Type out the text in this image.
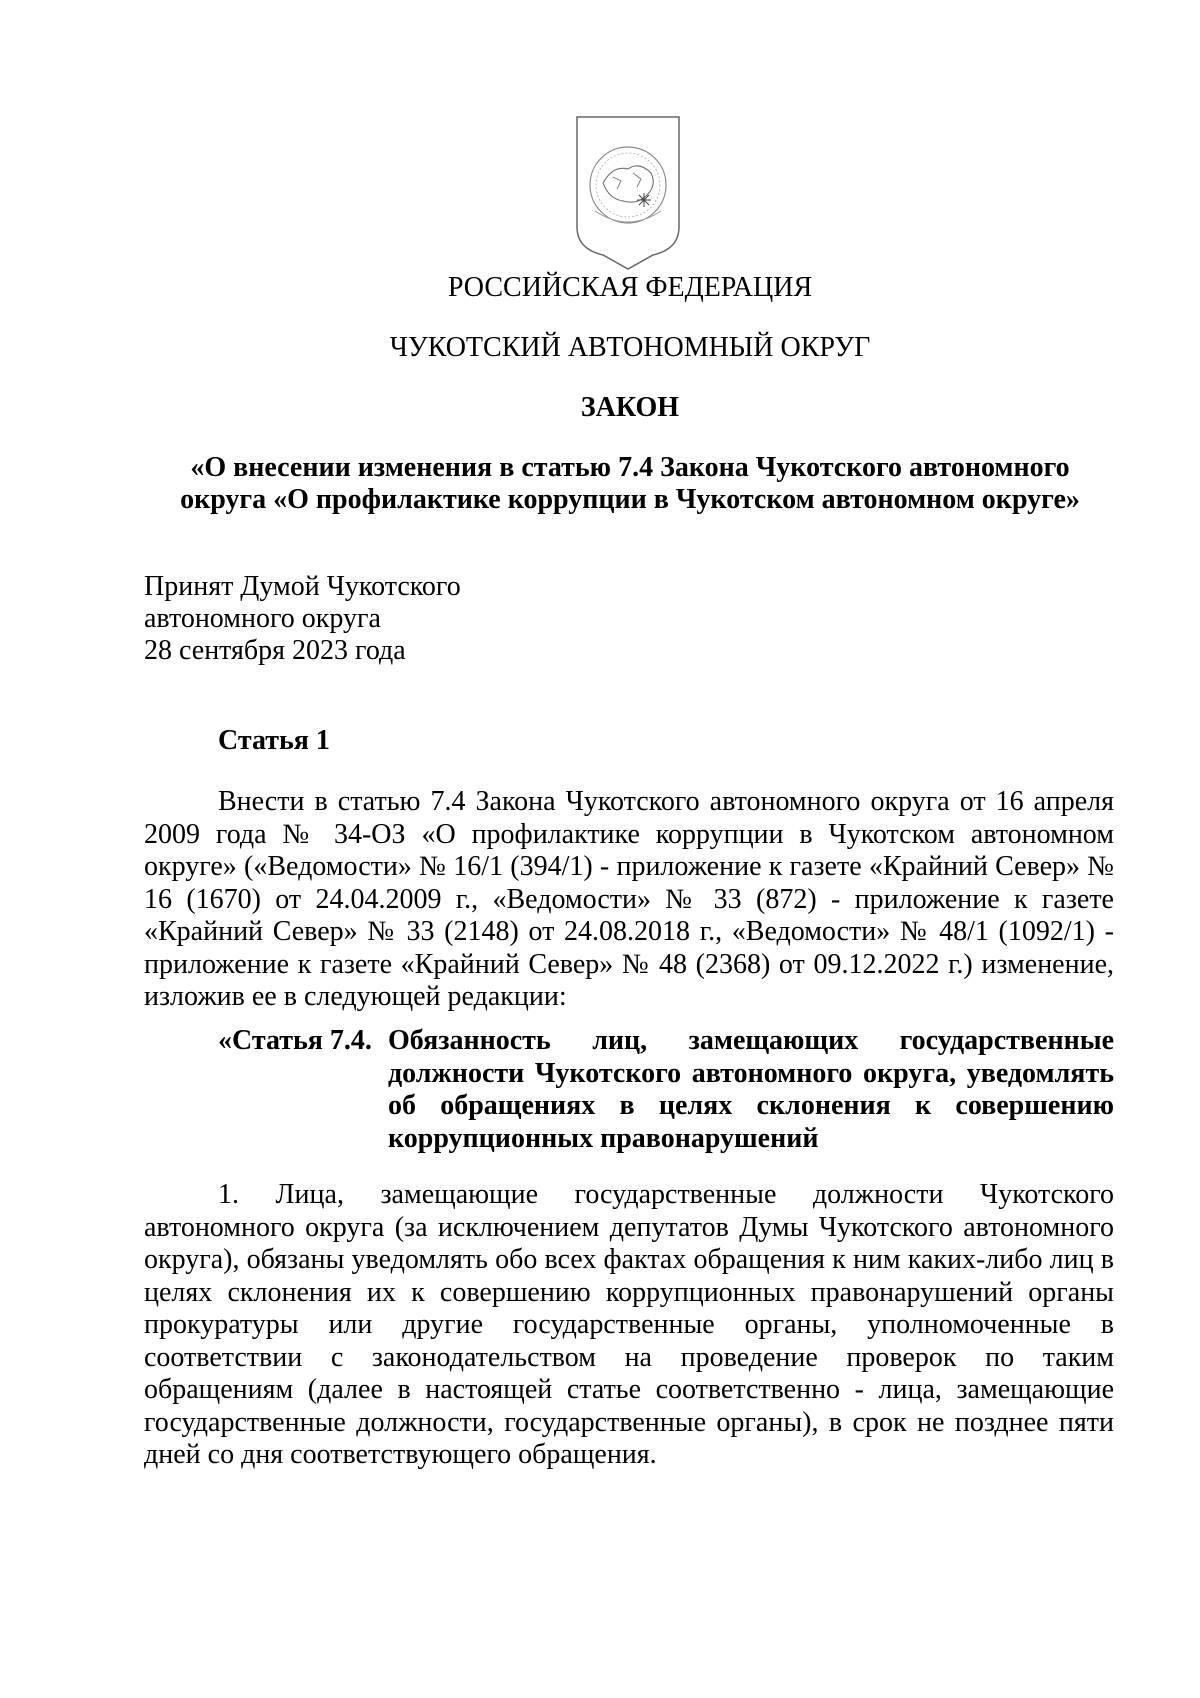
РОССИЙСКАЯ ФЕДЕРАЦИЯ
ЧУКОТСКИЙ АВТОНОМНЫЙ ОКРУГ
ЗАКОН
«О внесении изменения в статью 7.4 Закона Чукотского автономного
округа «О профилактике коррупции в Чукотском автономном округе»
Принят Думой Чукотского
автономного округа
28 сентября 2023 года
Статья 1

Внести в статью 7.4 Закона Чукотского автономного округа от 16 апреля 2009 года № 34-ОЗ «О профилактике коррупции в Чукотском автономном округе» («Ведомости» № 16/1 (394/1) - приложение к газете «Крайний Север» № 16 (1670) от 24.04.2009 г., «Ведомости» № 33 (872) - приложение к газете «Крайний Север» № 33 (2148) от 24.08.2018 г., «Ведомости» № 48/1 (1092/1) - приложение к газете «Крайний Север» № 48 (2368) от 09.12.2022 г.) изменение, изложив ее в следующей редакции:

«Статья 7.4. Обязанность лиц, замещающих государственные должности Чукотского автономного округа, уведомлять об обращениях в целях склонения к совершению коррупционных правонарушений

1. Лица, замещающие государственные должности Чукотского автономного округа (за исключением депутатов Думы Чукотского автономного округа), обязаны уведомлять обо всех фактах обращения к ним каких-либо лиц в целях склонения их к совершению коррупционных правонарушений органы прокуратуры или другие государственные органы, уполномоченные в соответствии с законодательством на проведение проверок по таким обращениям (далее в настоящей статье соответственно - лица, замещающие государственные должности, государственные органы), в срок не позднее пяти дней со дня соответствующего обращения.
